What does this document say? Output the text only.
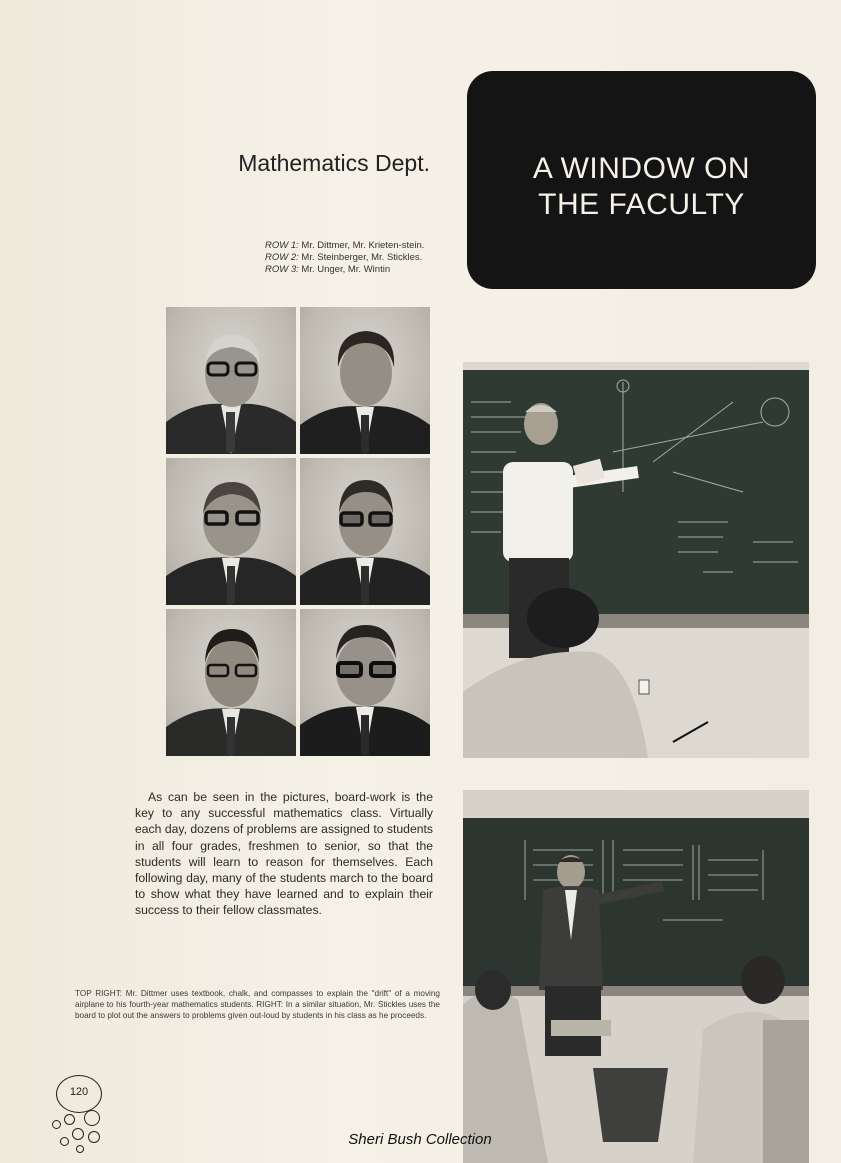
Mathematics Dept.	A WINDOW ON
THE FACULTY
ROW 1: Mr. Dittmer, Mr. Krieten-stein. ROW 2: Mr. Steinberger, Mr. Stickles. ROW 3: Mr. Unger, Mr. Wintin
As can be seen in the pictures, board-work is the key to any successful mathematics class. Virtually each day, dozens of problems are assigned to students in all four grades, freshmen to senior, so that the students will learn to reason for themselves. Each following day, many of the students march to the board to show what they have learned and to explain their success to their fellow classmates.
TOP RIGHT: Mr. Dittmer uses textbook, chalk, and compasses to explain the "drift" of a moving airplane to his fourth-year mathematics students. RIGHT: In a similar situation, Mr. Stickles uses the board to plot out the answers to problems given out-loud by students in his class as he proceeds.
120
Sheri Bush Collection
